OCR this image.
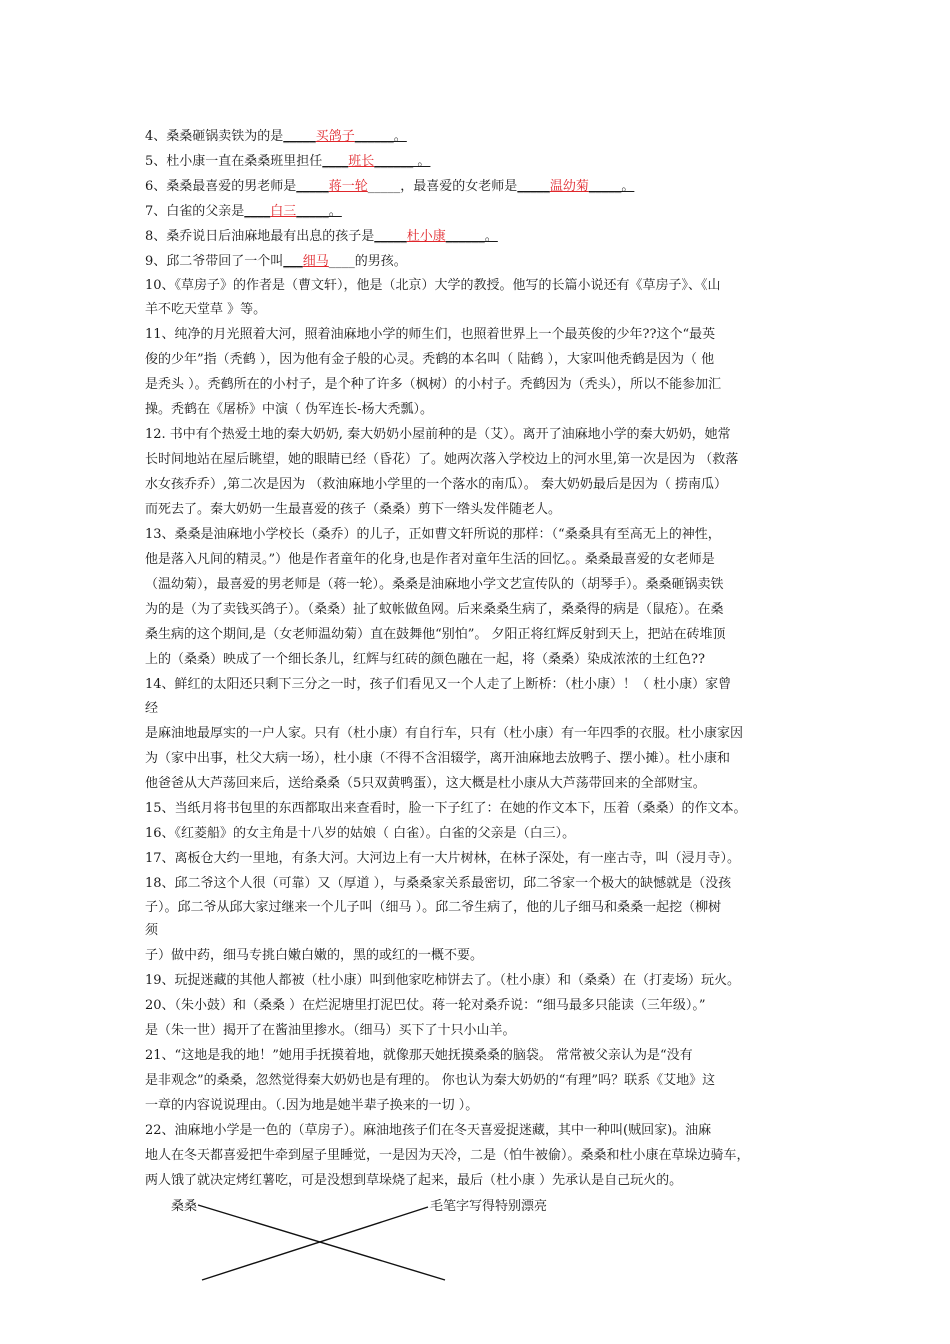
4、桑桑砸锅卖铁为的是_____买鸽子______。
5、杜小康一直在桑桑班里担任____班长______ 。
6、桑桑最喜爱的男老师是_____蒋一轮_____，最喜爱的女老师是_____温幼菊_____。
7、白雀的父亲是____白三_____。
8、桑乔说日后油麻地最有出息的孩子是_____杜小康______。
9、邱二爷带回了一个叫___细马____的男孩。
10、《草房子》的作者是（曹文轩），他是（北京）大学的教授。他写的长篇小说还有《草房子》、《山
羊不吃天堂草 》等。
11、纯净的月光照着大河，照着油麻地小学的师生们，也照着世界上一个最英俊的少年??这个“最英
俊的少年”指（秃鹤 ），因为他有金子般的心灵。秃鹤的本名叫（ 陆鹤 ），大家叫他秃鹤是因为（ 他
是秃头 ）。秃鹤所在的小村子，是个种了许多（枫树）的小村子。秃鹤因为（秃头），所以不能参加汇
操。秃鹤在《屠桥》中演（ 伪军连长-杨大秃瓢）。
12. 书中有个热爱土地的秦大奶奶, 秦大奶奶小屋前种的是（艾）。离开了油麻地小学的秦大奶奶，她常
长时间地站在屋后眺望，她的眼睛已经（昏花）了。她两次落入学校边上的河水里,第一次是因为 （救落
水女孩乔乔）,第二次是因为 （救油麻地小学里的一个落水的南瓜）。 秦大奶奶最后是因为（ 捞南瓜）
而死去了。秦大奶奶一生最喜爱的孩子（桑桑）剪下一绺头发伴随老人。
13、桑桑是油麻地小学校长（桑乔）的儿子，正如曹文轩所说的那样：（“桑桑具有至高无上的神性，
他是落入凡间的精灵。”）他是作者童年的化身,也是作者对童年生活的回忆。。桑桑最喜爱的女老师是
（温幼菊），最喜爱的男老师是（蒋一轮）。桑桑是油麻地小学文艺宣传队的（胡琴手）。桑桑砸锅卖铁
为的是（为了卖钱买鸽子）。（桑桑）扯了蚊帐做鱼网。后来桑桑生病了，桑桑得的病是（鼠疮）。在桑
桑生病的这个期间,是（女老师温幼菊）直在鼓舞他“别怕”。 夕阳正将红辉反射到天上，把站在砖堆顶
上的（桑桑）映成了一个细长条儿，红辉与红砖的颜色融在一起，将（桑桑）染成浓浓的土红色??
14、鲜红的太阳还只剩下三分之一时，孩子们看见又一个人走了上断桥：（杜小康）！（ 杜小康）家曾
经
是麻油地最厚实的一户人家。只有（杜小康）有自行车，只有（杜小康）有一年四季的衣服。杜小康家因
为（家中出事，杜父大病一场），杜小康（不得不含泪辍学，离开油麻地去放鸭子、摆小摊）。杜小康和
他爸爸从大芦荡回来后，送给桑桑（5只双黄鸭蛋），这大概是杜小康从大芦荡带回来的全部财宝。
15、当纸月将书包里的东西都取出来查看时，脸一下子红了：在她的作文本下，压着（桑桑）的作文本。
16、《红菱船》的女主角是十八岁的姑娘（ 白雀）。白雀的父亲是（白三）。
17、离板仓大约一里地，有条大河。大河边上有一大片树林，在林子深处，有一座古寺，叫（浸月寺）。
18、邱二爷这个人很（可靠）又（厚道 ），与桑桑家关系最密切，邱二爷家一个极大的缺憾就是（没孩
子）。邱二爷从邱大家过继来一个儿子叫（细马 ）。邱二爷生病了，他的儿子细马和桑桑一起挖（柳树
须
子）做中药，细马专挑白嫩白嫩的，黑的或红的一概不要。
19、玩捉迷藏的其他人都被（杜小康）叫到他家吃柿饼去了。（杜小康）和（桑桑）在（打麦场）玩火。
20、（朱小鼓）和（桑桑 ）在烂泥塘里打泥巴仗。蒋一轮对桑乔说：“细马最多只能读（三年级）。”
是（朱一世）揭开了在酱油里掺水。（细马）买下了十只小山羊。
21、“这地是我的地！”她用手抚摸着地，就像那天她抚摸桑桑的脑袋。 常常被父亲认为是“没有
是非观念”的桑桑，忽然觉得秦大奶奶也是有理的。 你也认为秦大奶奶的“有理”吗？联系《艾地》这
一章的内容说说理由。（.因为地是她半辈子换来的一切 ）。
22、油麻地小学是一色的（草房子）。麻油地孩子们在冬天喜爱捉迷藏，其中一种叫(贼回家)。油麻
地人在冬天都喜爱把牛牵到屋子里睡觉，一是因为天冷，二是（怕牛被偷）。桑桑和杜小康在草垛边骑车，
两人饿了就决定烤红薯吃，可是没想到草垛烧了起来，最后（杜小康 ）先承认是自己玩火的。
桑桑	毛笔字写得特别漂亮
